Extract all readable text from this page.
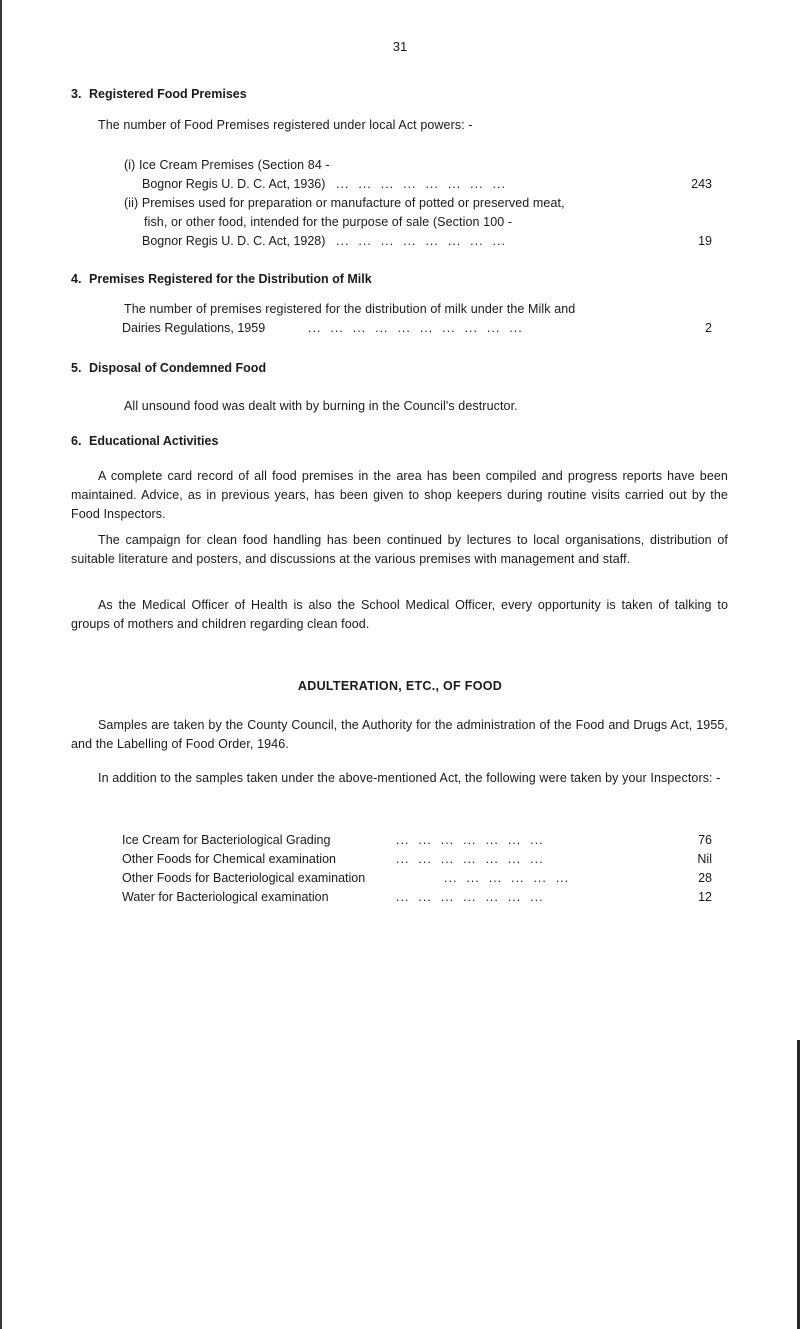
31
3. Registered Food Premises
The number of Food Premises registered under local Act powers: -
(i) Ice Cream Premises (Section 84 -
Bognor Regis U. D. C. Act, 1936) ...  ...  ...  ...  ...  ...  ...  ...	243
(ii) Premises used for preparation or manufacture of potted or preserved meat,
fish, or other food, intended for the purpose of sale (Section 100 -
Bognor Regis U. D. C. Act, 1928) ...  ...  ...  ...  ...  ...  ...  ...	19
4. Premises Registered for the Distribution of Milk
The number of premises registered for the distribution of milk under the Milk and
Dairies Regulations, 1959	...  ...  ...  ...  ...  ...  ...  ...  ...  ...	2
5. Disposal of Condemned Food
All unsound food was dealt with by burning in the Council's destructor.
6. Educational Activities
A complete card record of all food premises in the area has been compiled and progress reports have been maintained. Advice, as in previous years, has been given to shop keepers during routine visits carried out by the Food Inspectors.
The campaign for clean food handling has been continued by lectures to local organisations, distribution of suitable literature and posters, and discussions at the various premises with management and staff.
As the Medical Officer of Health is also the School Medical Officer, every opportunity is taken of talking to groups of mothers and children regarding clean food.
ADULTERATION, ETC., OF FOOD
Samples are taken by the County Council, the Authority for the administration of the Food and Drugs Act, 1955, and the Labelling of Food Order, 1946.
In addition to the samples taken under the above-mentioned Act, the following were taken by your Inspectors: -
Ice Cream for Bacteriological Grading	...  ...  ...  ...  ...  ...  ...	76
Other Foods for Chemical examination	...  ...  ...  ...  ...  ...  ...	Nil
Other Foods for Bacteriological examination	...  ...  ...  ...  ...  ...	28
Water for Bacteriological examination	...  ...  ...  ...  ...  ...  ...	12
